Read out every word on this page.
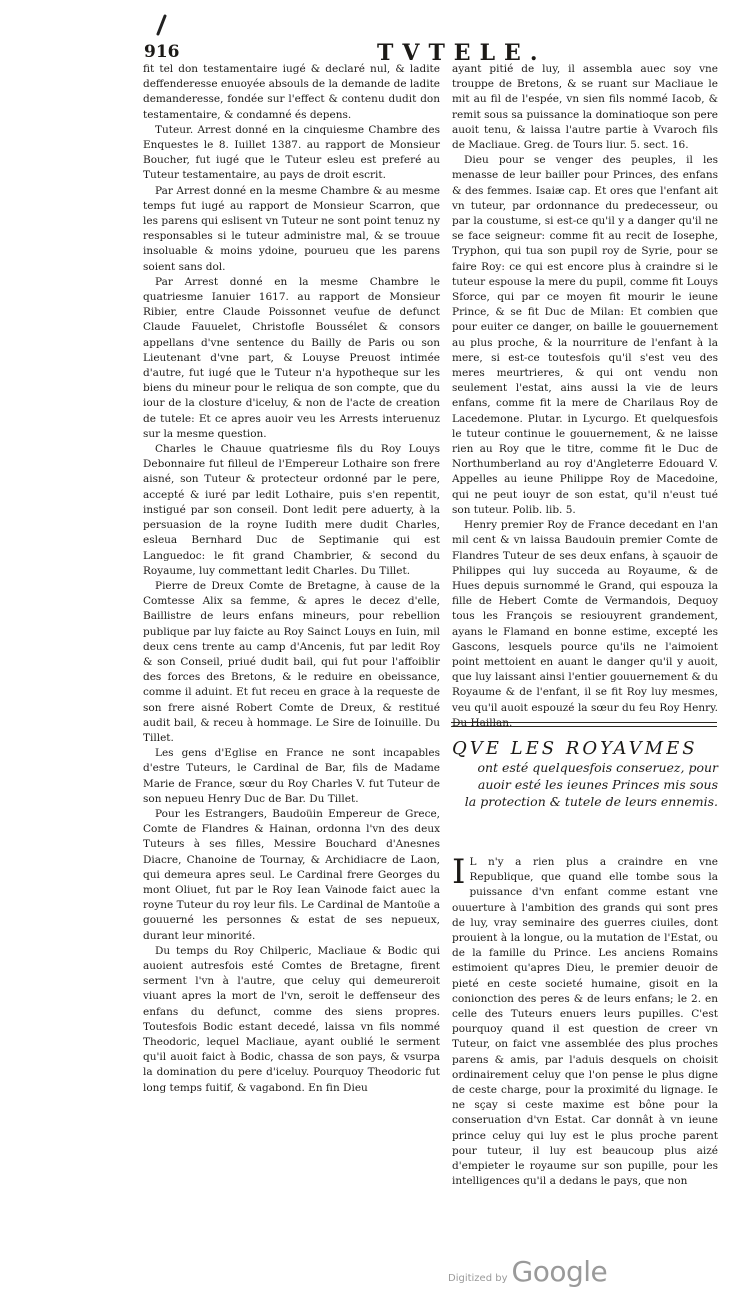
916	TVTELE.

fit tel don testamentaire iugé & declaré nul, & ladite deffenderesse enuoyée absouls de la demande de ladite demanderesse, fondée sur l'effect & contenu dudit don testamentaire, & condamné és depens.

Tuteur. Arrest donné en la cinquiesme Chambre des Enquestes le 8. Iuillet 1387. au rapport de Monsieur Boucher, fut iugé que le Tuteur esleu est preferé au Tuteur testamentaire, au pays de droit escrit.

Par Arrest donné en la mesme Chambre & au mesme temps fut iugé au rapport de Monsieur Scarron, que les parens qui eslisent vn Tuteur ne sont point tenuz ny responsables si le tuteur administre mal, & se trouue insoluable & moins ydoine, pourueu que les parens soient sans dol.

Par Arrest donné en la mesme Chambre le quatriesme Ianuier 1617. au rapport de Monsieur Ribier, entre Claude Poissonnet veufue de defunct Claude Fauuelet, Christofle Boussélet & consors appellans d'vne sentence du Bailly de Paris ou son Lieutenant d'vne part, & Louyse Preuost intimée d'autre, fut iugé que le Tuteur n'a hypotheque sur les biens du mineur pour le reliqua de son compte, que du iour de la closture d'iceluy, & non de l'acte de creation de tutele: Et ce apres auoir veu les Arrests interuenuz sur la mesme question.

Charles le Chauue quatriesme fils du Roy Louys Debonnaire fut filleul de l'Empereur Lothaire son frere aisné, son Tuteur & protecteur ordonné par le pere, accepté & iuré par ledit Lothaire, puis s'en repentit, instigué par son conseil. Dont ledit pere aduerty, à la persuasion de la royne Iudith mere dudit Charles, esleua Bernhard Duc de Septimanie qui est Languedoc: le fit grand Chambrier, & second du Royaume, luy commettant ledit Charles. Du Tillet.

Pierre de Dreux Comte de Bretagne, à cause de la Comtesse Alix sa femme, & apres le decez d'elle, Baillistre de leurs enfans mineurs, pour rebellion publique par luy faicte au Roy Sainct Louys en Iuin, mil deux cens trente au camp d'Ancenis, fut par ledit Roy & son Conseil, priué dudit bail, qui fut pour l'affoiblir des forces des Bretons, & le reduire en obeissance, comme il aduint. Et fut receu en grace à la requeste de son frere aisné Robert Comte de Dreux, & restitué audit bail, & receu à hommage. Le Sire de Ioinuille. Du Tillet.

Les gens d'Eglise en France ne sont incapables d'estre Tuteurs, le Cardinal de Bar, fils de Madame Marie de France, sœur du Roy Charles V. fut Tuteur de son nepueu Henry Duc de Bar. Du Tillet.

Pour les Estrangers, Baudoüin Empereur de Grece, Comte de Flandres & Hainan, ordonna l'vn des deux Tuteurs à ses filles, Messire Bouchard d'Anesnes Diacre, Chanoine de Tournay, & Archidiacre de Laon, qui demeura apres seul. Le Cardinal frere Georges du mont Oliuet, fut par le Roy Iean Vainode faict auec la royne Tuteur du roy leur fils. Le Cardinal de Mantoüe a gouuerné les personnes & estat de ses nepueux, durant leur minorité.

Du temps du Roy Chilperic, Macliaue & Bodic qui auoient autresfois esté Comtes de Bretagne, firent serment l'vn à l'autre, que celuy qui demeureroit viuant apres la mort de l'vn, seroit le deffenseur des enfans du defunct, comme des siens propres. Toutesfois Bodic estant decedé, laissa vn fils nommé Theodoric, lequel Macliaue, ayant oublié le serment qu'il auoit faict à Bodic, chassa de son pays, & vsurpa la domination du pere d'iceluy. Pourquoy Theodoric fut long temps fuitif, & vagabond. En fin Dieu

ayant pitié de luy, il assembla auec soy vne trouppe de Bretons, & se ruant sur Macliaue le mit au fil de l'espée, vn sien fils nommé Iacob, & remit sous sa puissance la dominatioque son pere auoit tenu, & laissa l'autre partie à Vvaroch fils de Macliaue. Greg. de Tours liur. 5. sect. 16.

Dieu pour se venger des peuples, il les menasse de leur bailler pour Princes, des enfans & des femmes. Isaiæ cap. Et ores que l'enfant ait vn tuteur, par ordonnance du predecesseur, ou par la coustume, si est-ce qu'il y a danger qu'il ne se face seigneur: comme fit au recit de Iosephe, Tryphon, qui tua son pupil roy de Syrie, pour se faire Roy: ce qui est encore plus à craindre si le tuteur espouse la mere du pupil, comme fit Louys Sforce, qui par ce moyen fit mourir le ieune Prince, & se fit Duc de Milan: Et combien que pour euiter ce danger, on baille le gouuernement au plus proche, & la nourriture de l'enfant à la mere, si est-ce toutesfois qu'il s'est veu des meres meurtrieres, & qui ont vendu non seulement l'estat, ains aussi la vie de leurs enfans, comme fit la mere de Charilaus Roy de Lacedemone. Plutar. in Lycurgo. Et quelquesfois le tuteur continue le gouuernement, & ne laisse rien au Roy que le titre, comme fit le Duc de Northumberland au roy d'Angleterre Edouard V. Appelles au ieune Philippe Roy de Macedoine, qui ne peut iouyr de son estat, qu'il n'eust tué son tuteur. Polib. lib. 5.

Henry premier Roy de France decedant en l'an mil cent & vn laissa Baudouin premier Comte de Flandres Tuteur de ses deux enfans, à sçauoir de Philippes qui luy succeda au Royaume, & de Hues depuis surnommé le Grand, qui espouza la fille de Hebert Comte de Vermandois, Dequoy tous les François se resiouyrent grandement, ayans le Flamand en bonne estime, excepté les Gascons, lesquels pource qu'ils ne l'aimoient point mettoient en auant le danger qu'il y auoit, que luy laissant ainsi l'entier gouuernement & du Royaume & de l'enfant, il se fit Roy luy mesmes, veu qu'il auoit espouzé la sœur du feu Roy Henry. Du Haillan.

QVE LES ROYAVMES
ont esté quelquesfois conseruez, pour auoir esté les ieunes Princes mis sous la protection & tutele de leurs ennemis.

I L n'y a rien plus a craindre en vne Republique, que quand elle tombe sous la puissance d'vn enfant comme estant vne ouuerture à l'ambition des grands qui sont pres de luy, vray seminaire des guerres ciuiles, dont prouient à la longue, ou la mutation de l'Estat, ou de la famille du Prince. Les anciens Romains estimoient qu'apres Dieu, le premier deuoir de pieté en ceste societé humaine, gisoit en la conionction des peres & de leurs enfans; le 2. en celle des Tuteurs enuers leurs pupilles. C'est pourquoy quand il est question de creer vn Tuteur, on faict vne assemblée des plus proches parens & amis, par l'aduis desquels on choisit ordinairement celuy que l'on pense le plus digne de ceste charge, pour la proximité du lignage. Ie ne sçay si ceste maxime est bône pour la conseruation d'vn Estat. Car donnât à vn ieune prince celuy qui luy est le plus proche parent pour tuteur, il luy est beaucoup plus aizé d'empieter le royaume sur son pupille, pour les intelligences qu'il a dedans le pays, que non

Digitized by Google
